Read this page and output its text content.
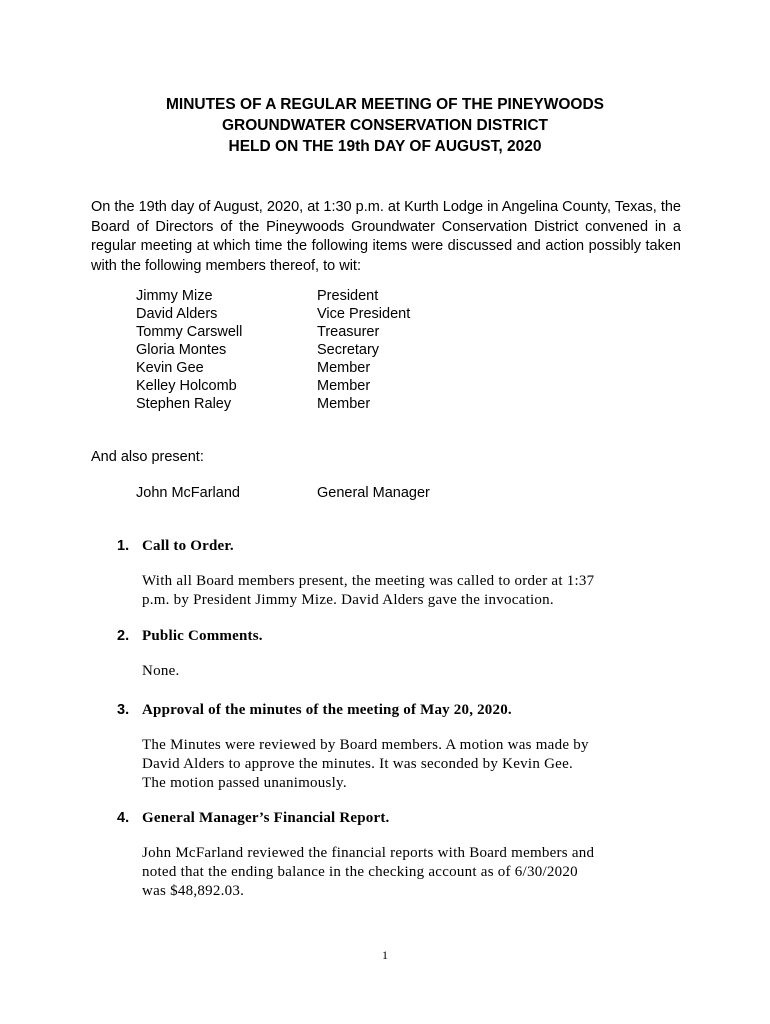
MINUTES OF A REGULAR MEETING OF THE PINEYWOODS
GROUNDWATER CONSERVATION DISTRICT
HELD ON THE 19th DAY OF AUGUST, 2020
On the 19th day of August, 2020, at 1:30 p.m. at Kurth Lodge in Angelina County, Texas, the Board of Directors of the Pineywoods Groundwater Conservation District convened in a regular meeting at which time the following items were discussed and action possibly taken with the following members thereof, to wit:
Jimmy Mize	President
David Alders	Vice President
Tommy Carswell	Treasurer
Gloria Montes	Secretary
Kevin Gee	Member
Kelley Holcomb	Member
Stephen Raley	Member
And also present:
John McFarland	General Manager
1. Call to Order.
With all Board members present, the meeting was called to order at 1:37
p.m. by President Jimmy Mize. David Alders gave the invocation.
2. Public Comments.
None.
3. Approval of the minutes of the meeting of May 20, 2020.
The Minutes were reviewed by Board members. A motion was made by
David Alders to approve the minutes. It was seconded by Kevin Gee.
The motion passed unanimously.
4. General Manager’s Financial Report.
John McFarland reviewed the financial reports with Board members and
noted that the ending balance in the checking account as of 6/30/2020
was $48,892.03.
1
